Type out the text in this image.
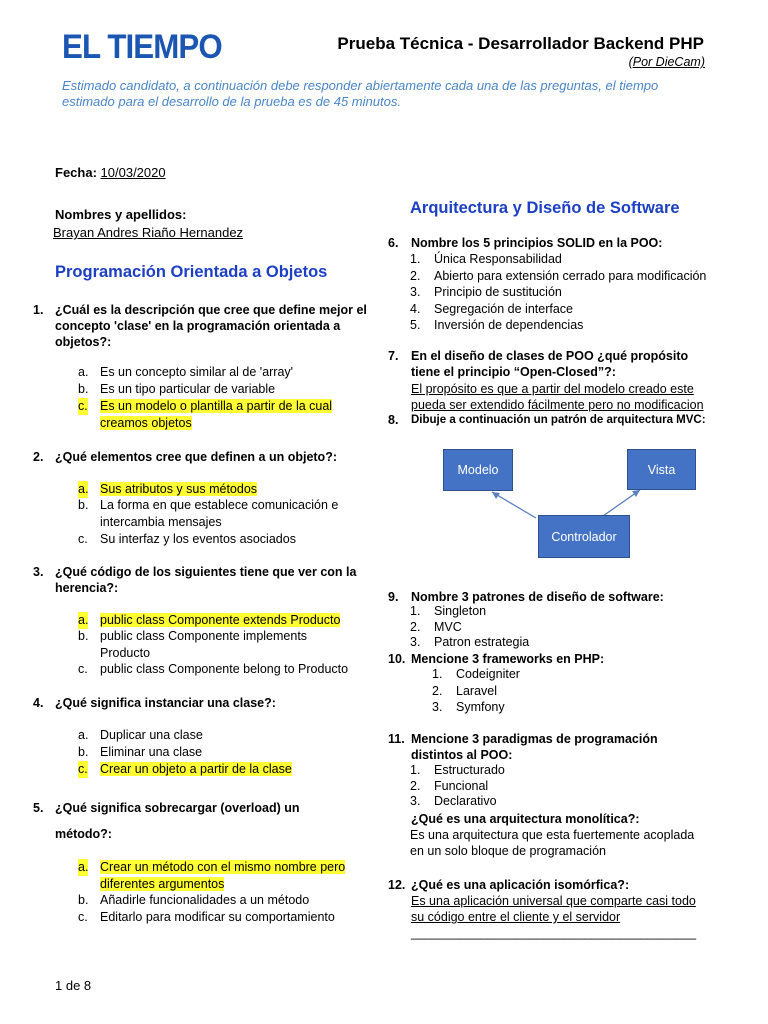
EL TIEMPO	Prueba Técnica - Desarrollador Backend PHP
(Por DieCam)
Estimado candidato, a continuación debe responder abiertamente cada una de las preguntas, el tiempo estimado para el desarrollo de la prueba es de 45 minutos.
Fecha: 10/03/2020
Nombres y apellidos:
Brayan Andres Riaño Hernandez
Programación Orientada a Objetos
1. ¿Cuál es la descripción que cree que define mejor el concepto 'clase' en la programación orientada a objetos?:
a. Es un concepto similar al de 'array'
b. Es un tipo particular de variable
c. Es un modelo o plantilla a partir de la cual creamos objetos
2. ¿Qué elementos cree que definen a un objeto?:
a. Sus atributos y sus métodos
b. La forma en que establece comunicación e intercambia mensajes
c. Su interfaz y los eventos asociados
3. ¿Qué código de los siguientes tiene que ver con la herencia?:
a. public class Componente extends Producto
b. public class Componente implements Producto
c. public class Componente belong to Producto
4. ¿Qué significa instanciar una clase?:
a. Duplicar una clase
b. Eliminar una clase
c. Crear un objeto a partir de la clase
5. ¿Qué significa sobrecargar (overload) un método?:
a. Crear un método con el mismo nombre pero diferentes argumentos
b. Añadirle funcionalidades a un método
c. Editarlo para modificar su comportamiento
Arquitectura y Diseño de Software
6. Nombre los 5 principios SOLID en la POO:
1. Única Responsabilidad
2. Abierto para extensión cerrado para modificación
3. Principio de sustitución
4. Segregación de interface
5. Inversión de dependencias
7. En el diseño de clases de POO ¿qué propósito tiene el principio “Open-Closed”?:
El propósito es que a partir del modelo creado este
pueda ser extendido fácilmente pero no modificacion
8. Dibuje a continuación un patrón de arquitectura MVC:
Modelo	Vista
Controlador
9. Nombre 3 patrones de diseño de software:
1. Singleton
2. MVC
3. Patron estrategia
10. Mencione 3 frameworks en PHP:
1. Codeigniter
2. Laravel
3. Symfony
11. Mencione 3 paradigmas de programación distintos al POO:
1. Estructurado
2. Funcional
3. Declarativo
¿Qué es una arquitectura monolítica?:
Es una arquitectura que esta fuertemente acoplada
en un solo bloque de programación
12. ¿Qué es una aplicación isomórfica?:
Es una aplicación universal que comparte casi todo
su código entre el cliente y el servidor
_________________________________________
1 de 8
